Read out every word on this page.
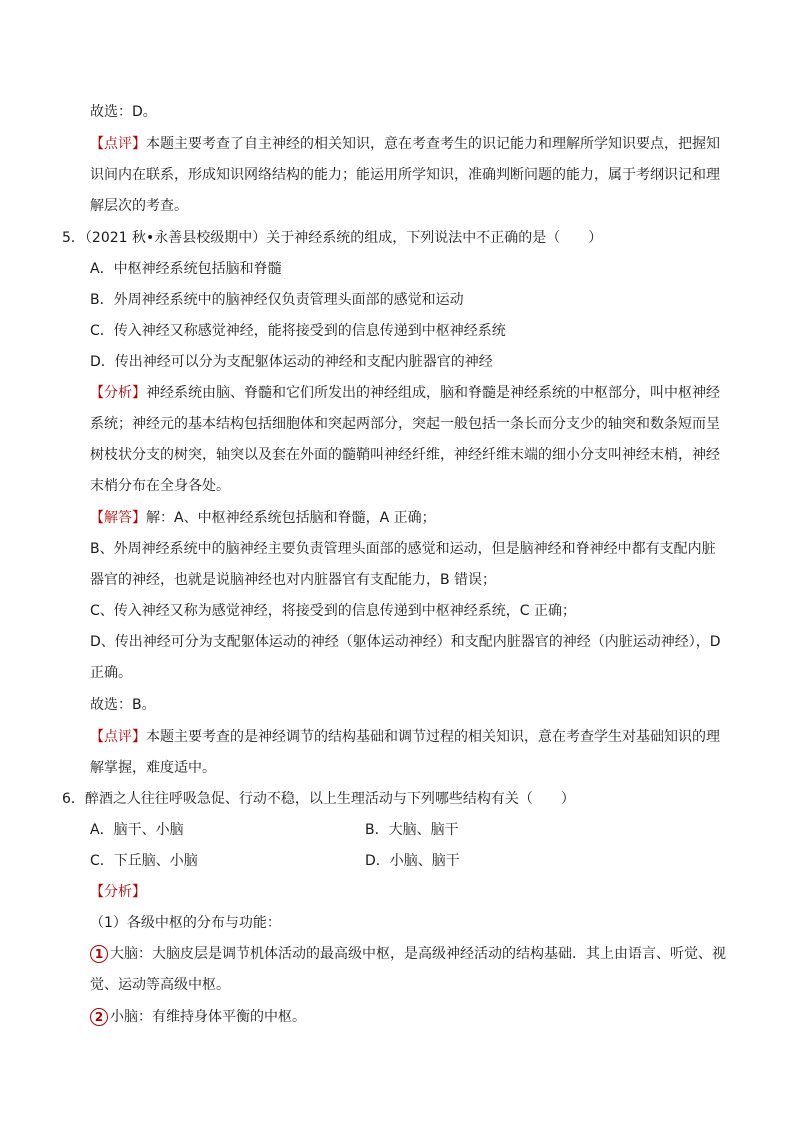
故选：D。
【点评】本题主要考查了自主神经的相关知识，意在考查考生的识记能力和理解所学知识要点，把握知
识间内在联系，形成知识网络结构的能力；能运用所学知识，准确判断问题的能力，属于考纲识记和理
解层次的考查。
5．（2021 秋•永善县校级期中）关于神经系统的组成，下列说法中不正确的是（　　）
A．中枢神经系统包括脑和脊髓
B．外周神经系统中的脑神经仅负责管理头面部的感觉和运动
C．传入神经又称感觉神经，能将接受到的信息传递到中枢神经系统
D．传出神经可以分为支配躯体运动的神经和支配内脏器官的神经
【分析】神经系统由脑、脊髓和它们所发出的神经组成，脑和脊髓是神经系统的中枢部分，叫中枢神经
系统；神经元的基本结构包括细胞体和突起两部分，突起一般包括一条长而分支少的轴突和数条短而呈
树枝状分支的树突，轴突以及套在外面的髓鞘叫神经纤维，神经纤维末端的细小分支叫神经末梢，神经
末梢分布在全身各处。
【解答】解：A、中枢神经系统包括脑和脊髓，A 正确；
B、外周神经系统中的脑神经主要负责管理头面部的感觉和运动，但是脑神经和脊神经中都有支配内脏
器官的神经，也就是说脑神经也对内脏器官有支配能力，B 错误；
C、传入神经又称为感觉神经，将接受到的信息传递到中枢神经系统，C 正确；
D、传出神经可分为支配躯体运动的神经（躯体运动神经）和支配内脏器官的神经（内脏运动神经），D
正确。
故选：B。
【点评】本题主要考查的是神经调节的结构基础和调节过程的相关知识，意在考查学生对基础知识的理
解掌握，难度适中。
6．醉酒之人往往呼吸急促、行动不稳，以上生理活动与下列哪些结构有关（　　）
A．脑干、小脑	B．大脑、脑干
C．下丘脑、小脑	D．小脑、脑干
【分析】
（1）各级中枢的分布与功能：
1 大脑：大脑皮层是调节机体活动的最高级中枢，是高级神经活动的结构基础．其上由语言、听觉、视
觉、运动等高级中枢。
2 小脑：有维持身体平衡的中枢。
